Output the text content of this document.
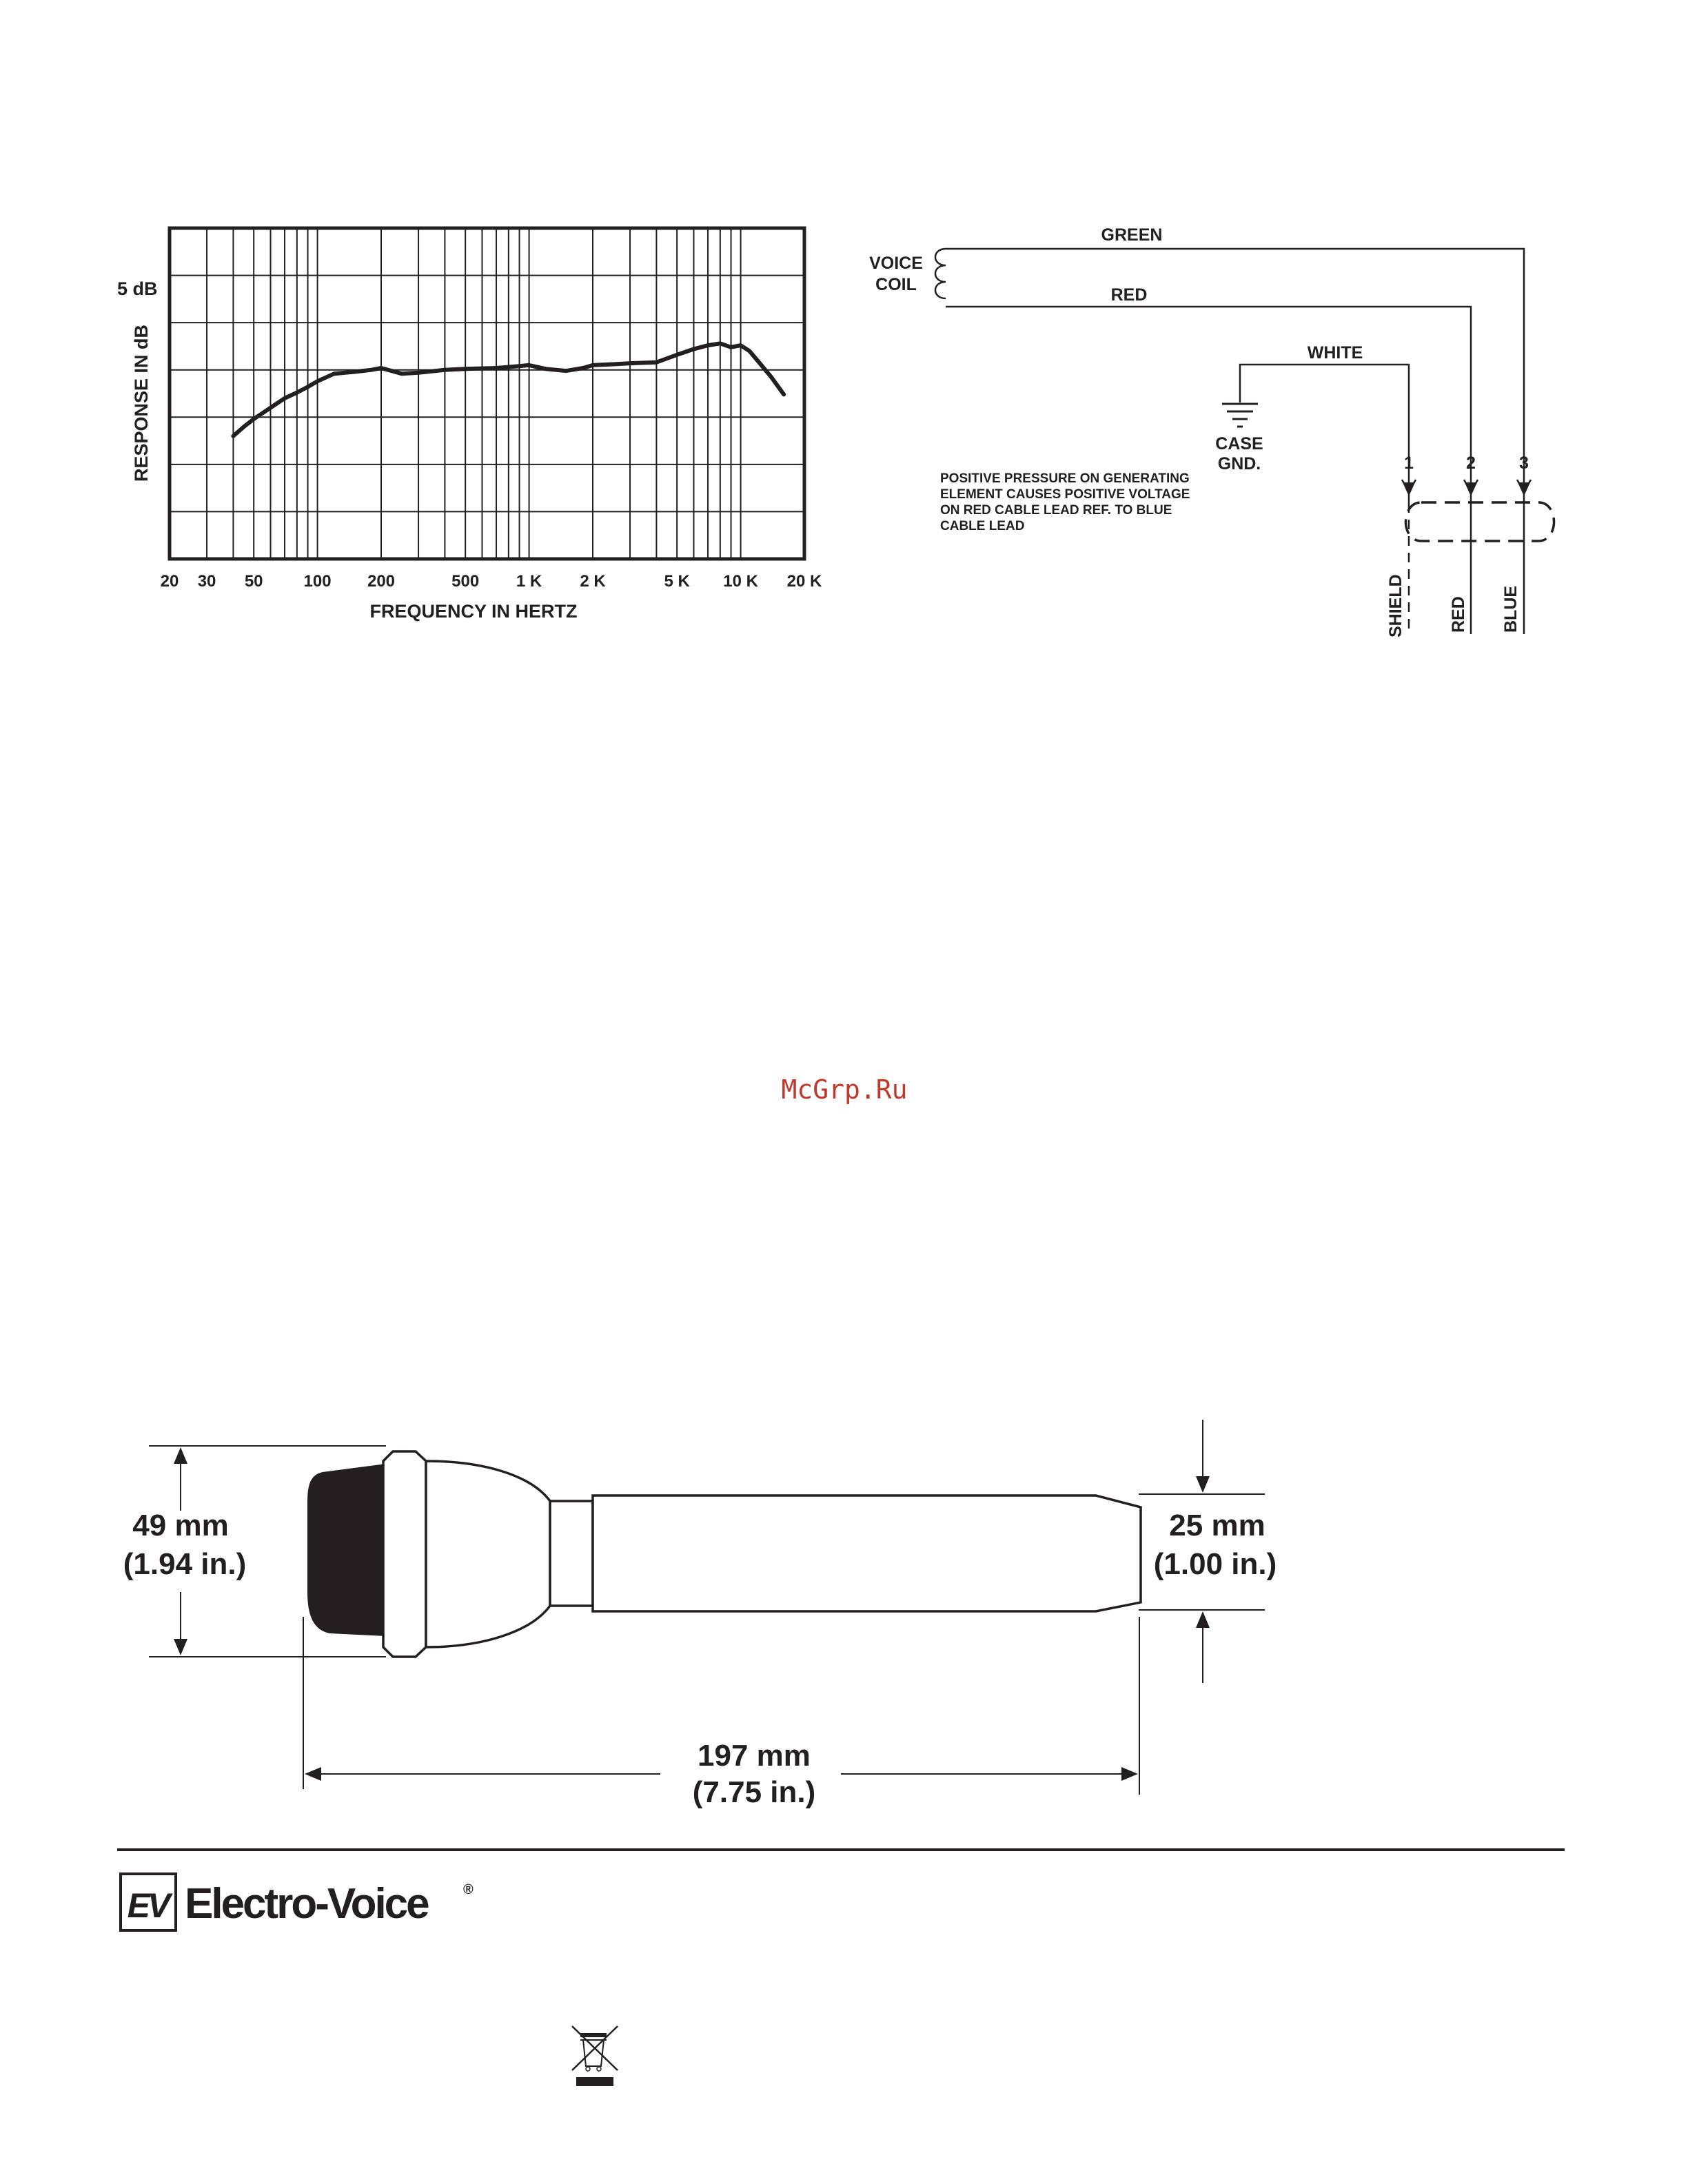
20 30 50 100 200	500 1 K 2 K	5 K 10 K 20 K
5 dB
RESPONSE IN dB
FREQUENCY IN HERTZ
VOICE
COIL
GREEN
RED
WHITE
CASE
GND.
POSITIVE PRESSURE ON GENERATING
ELEMENT CAUSES POSITIVE VOLTAGE
ON RED CABLE LEAD REF. TO BLUE
CABLE LEAD
1	2	3
SHIELD	RED BLUE
McGrp.Ru
49 mm
(1.94 in.)
25 mm
(1.00 in.)
197 mm
(7.75 in.)
EV Electro-Voice	®
